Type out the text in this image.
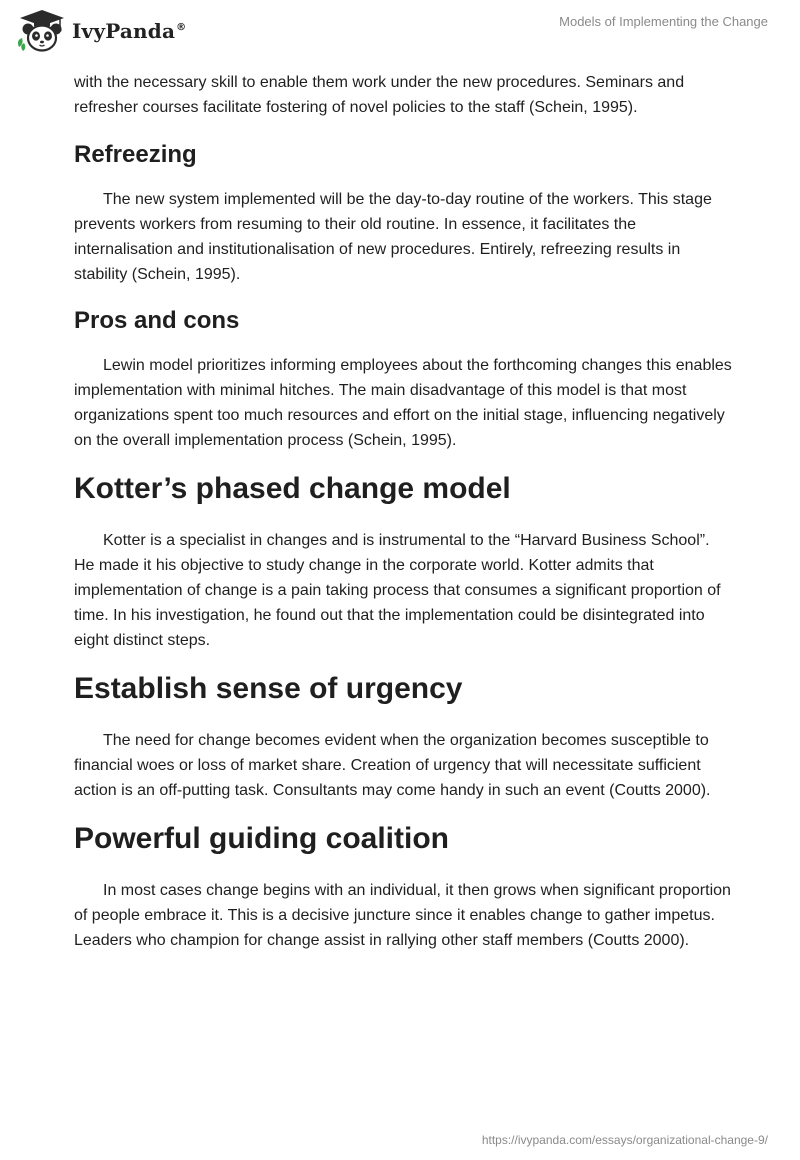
IvyPanda®	Models of Implementing the Change

with the necessary skill to enable them work under the new procedures. Seminars and refresher courses facilitate fostering of novel policies to the staff (Schein, 1995).

Refreezing

The new system implemented will be the day-to-day routine of the workers. This stage prevents workers from resuming to their old routine. In essence, it facilitates the internalisation and institutionalisation of new procedures. Entirely, refreezing results in stability (Schein, 1995).

Pros and cons

Lewin model prioritizes informing employees about the forthcoming changes this enables implementation with minimal hitches. The main disadvantage of this model is that most organizations spent too much resources and effort on the initial stage, influencing negatively on the overall implementation process (Schein, 1995).

Kotter’s phased change model

Kotter is a specialist in changes and is instrumental to the “Harvard Business School”. He made it his objective to study change in the corporate world. Kotter admits that implementation of change is a pain taking process that consumes a significant proportion of time. In his investigation, he found out that the implementation could be disintegrated into eight distinct steps.

Establish sense of urgency

The need for change becomes evident when the organization becomes susceptible to financial woes or loss of market share. Creation of urgency that will necessitate sufficient action is an off-putting task. Consultants may come handy in such an event (Coutts 2000).

Powerful guiding coalition

In most cases change begins with an individual, it then grows when significant proportion of people embrace it. This is a decisive juncture since it enables change to gather impetus. Leaders who champion for change assist in rallying other staff members (Coutts 2000).

https://ivypanda.com/essays/organizational-change-9/
